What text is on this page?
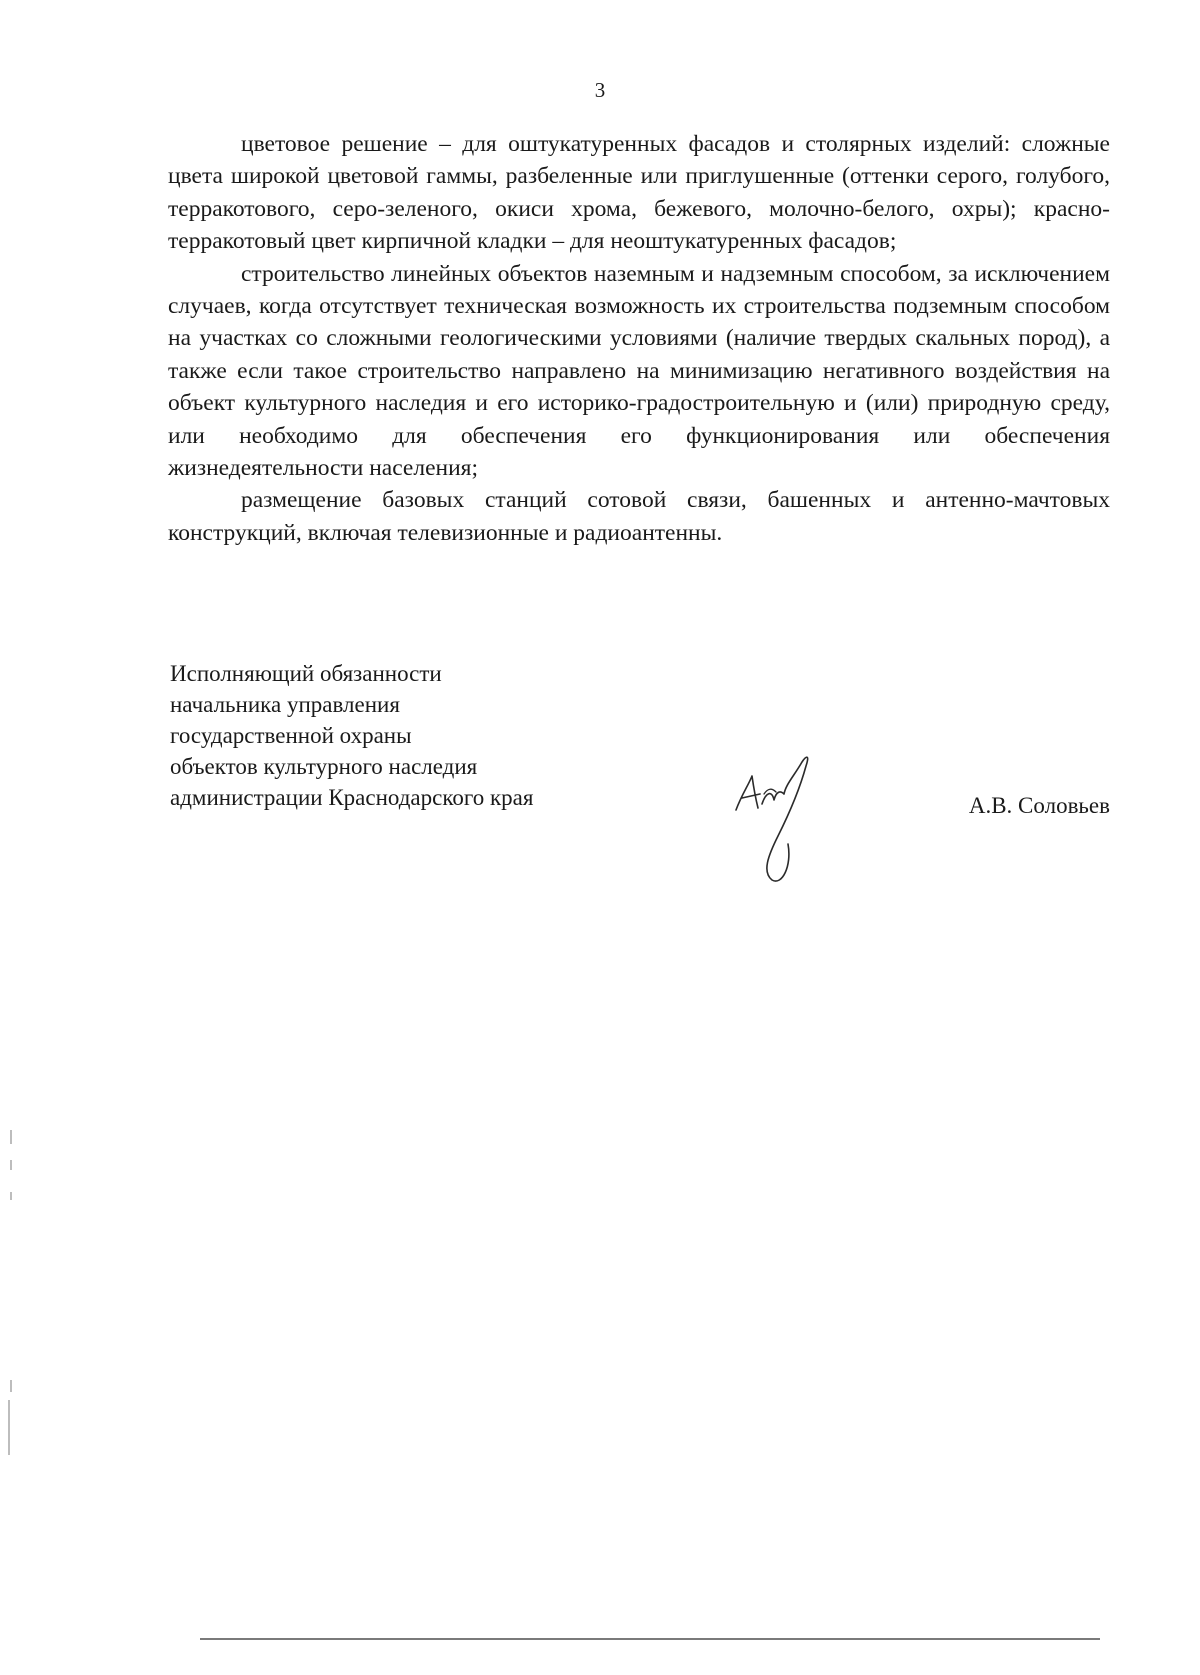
3

цветовое решение – для оштукатуренных фасадов и столярных изделий: сложные цвета широкой цветовой гаммы, разбеленные или приглушенные (оттенки серого, голубого, терракотового, серо-зеленого, окиси хрома, бежевого, молочно-белого, охры); красно-терракотовый цвет кирпичной кладки – для неоштукатуренных фасадов;

строительство линейных объектов наземным и надземным способом, за исключением случаев, когда отсутствует техническая возможность их строительства подземным способом на участках со сложными геологическими условиями (наличие твердых скальных пород), а также если такое строительство направлено на минимизацию негативного воздействия на объект культурного наследия и его историко-градостроительную и (или) природную среду, или необходимо для обеспечения его функционирования или обеспечения жизнедеятельности населения;

размещение базовых станций сотовой связи, башенных и антенно-мачтовых конструкций, включая телевизионные и радиоантенны.

Исполняющий обязанности
начальника управления
государственной охраны
объектов культурного наследия
администрации Краснодарского края	А.В. Соловьев
